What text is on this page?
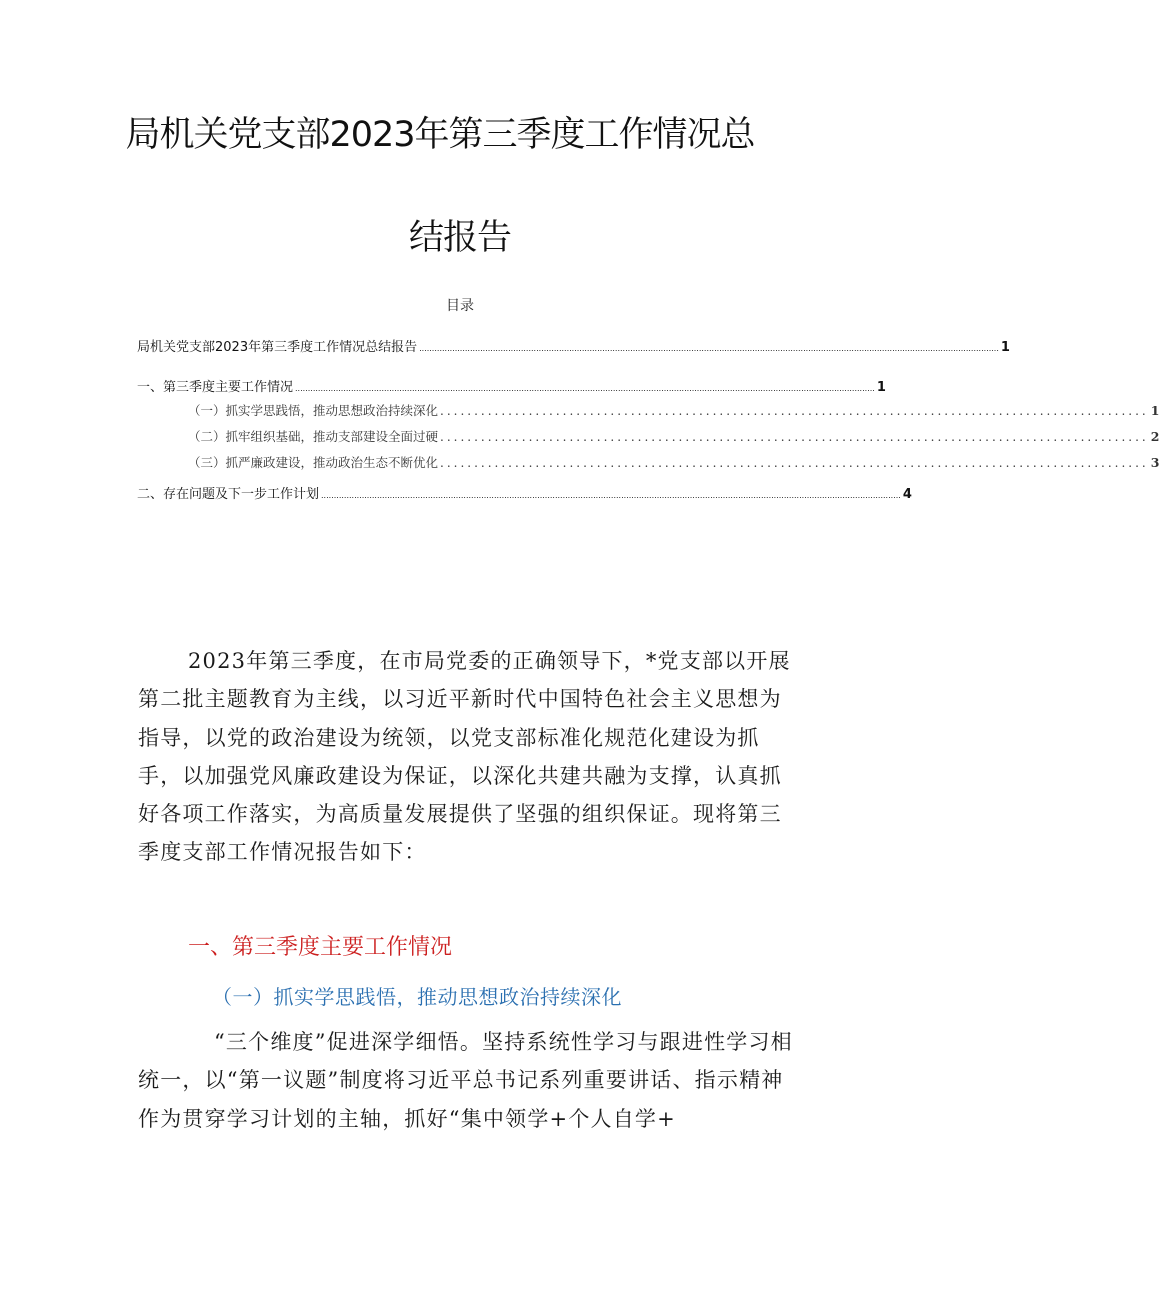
局机关党支部2023年第三季度工作情况总
结报告
目录
局机关党支部2023年第三季度工作情况总结报告 .................................................................................................................................................................................................................................... 1
一、第三季度主要工作情况 .................................................................................................................................................................................................................................... 1
（一）抓实学思践悟，推动思想政治持续深化 ........................................................................................................ 1
（二）抓牢组织基础，推动支部建设全面过硬 ........................................................................................................ 2
（三）抓严廉政建设，推动政治生态不断优化 ........................................................................................................ 3
二、存在问题及下一步工作计划 .................................................................................................................................................................................................................................... 4
2023年第三季度，在市局党委的正确领导下，*党支部以开展第二批主题教育为主线，以习近平新时代中国特色社会主义思想为指导，以党的政治建设为统领，以党支部标准化规范化建设为抓手，以加强党风廉政建设为保证，以深化共建共融为支撑，认真抓好各项工作落实，为高质量发展提供了坚强的组织保证。现将第三季度支部工作情况报告如下：
一、第三季度主要工作情况
（一）抓实学思践悟，推动思想政治持续深化
“三个维度”促进深学细悟。坚持系统性学习与跟进性学习相统一，以“第一议题”制度将习近平总书记系列重要讲话、指示精神作为贯穿学习计划的主轴，抓好“集中领学+个人自学+
